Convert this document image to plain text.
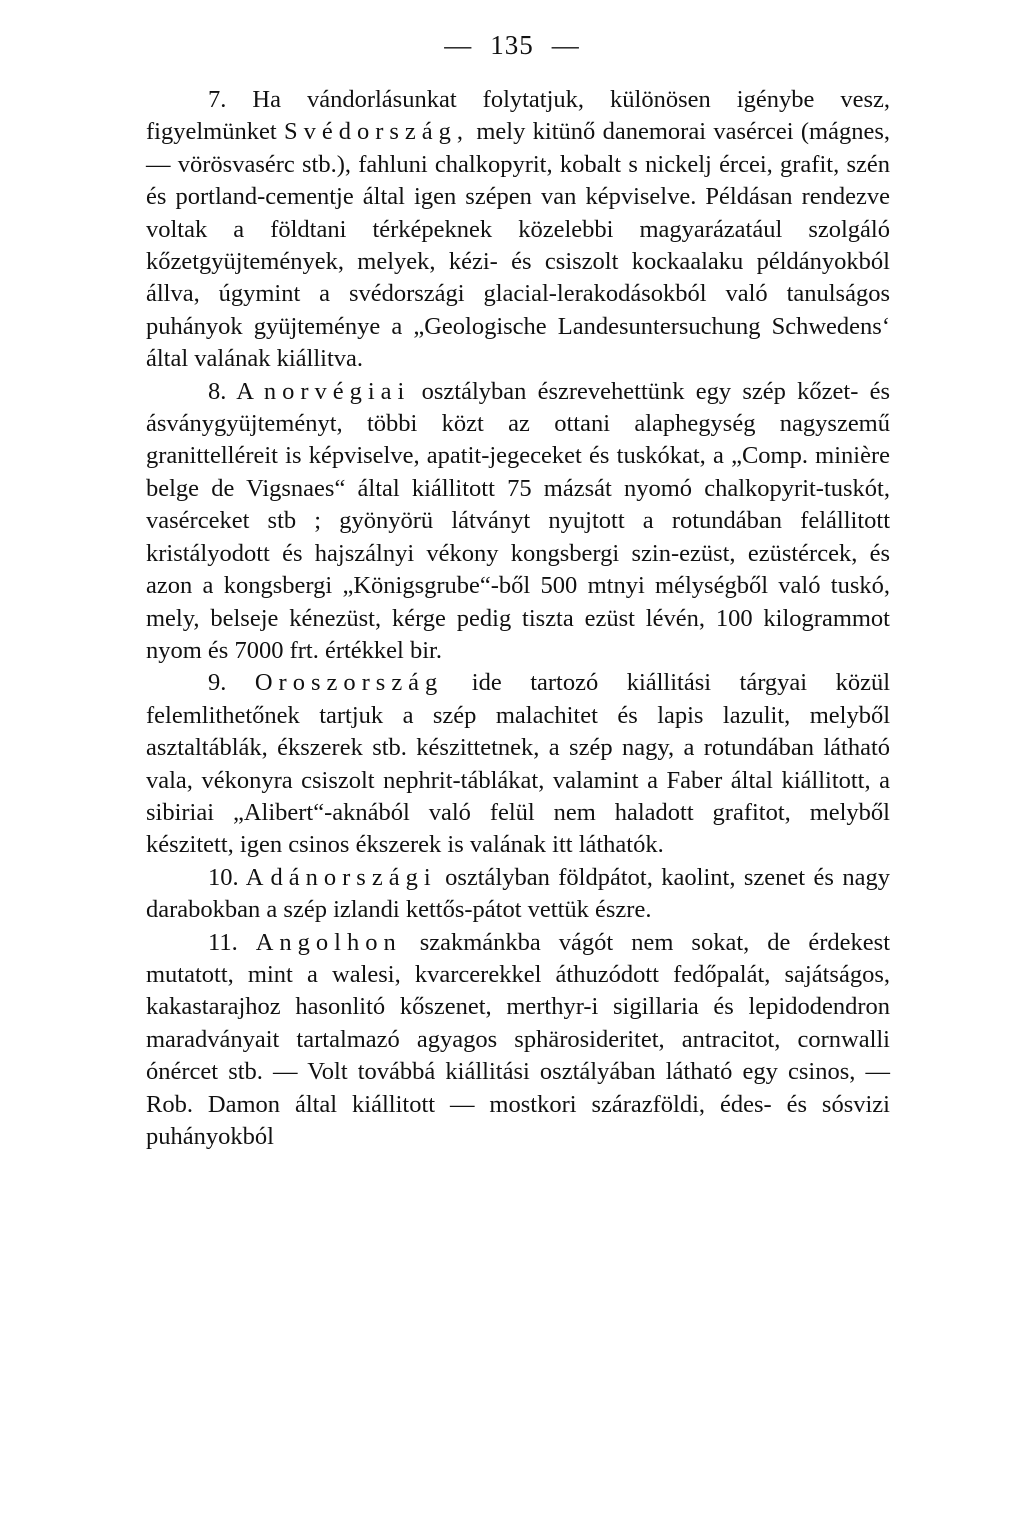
— 135 —

7. Ha vándorlásunkat folytatjuk, különösen igénybe vesz, figyelmünket Svédország, mely kitünő danemorai vasércei (mágnes, — vörösvasérc stb.), fahluni chalkopyrit, kobalt s nickelj ércei, grafit, szén és portland-cementje által igen szépen van képviselve. Példásan rendezve voltak a földtani térképeknek közelebbi magyarázatául szolgáló kőzetgyüjtemények, melyek, kézi- és csiszolt kockaalaku példányokból állva, úgymint a svédországi glacial-lerakodásokból való tanulságos puhányok gyüjteménye a „Geologische Landesuntersuchung Schwedens‘ által valának kiállitva.

8. A norvégiai osztályban észrevehettünk egy szép kőzet- és ásványgyüjteményt, többi közt az ottani alaphegység nagyszemű granittelléreit is képviselve, apatit-jegeceket és tuskókat, a „Comp. minière belge de Vigsnaes“ által kiállitott 75 mázsát nyomó chalkopyrit-tuskót, vasérceket stb ; gyönyörü látványt nyujtott a rotundában felállitott kristályodott és hajszálnyi vékony kongsbergi szin-ezüst, ezüstércek, és azon a kongsbergi „Königsgrube“-ből 500 mtnyi mélységből való tuskó, mely, belseje kénezüst, kérge pedig tiszta ezüst lévén, 100 kilogrammot nyom és 7000 frt. értékkel bir.

9. Oroszország ide tartozó kiállitási tárgyai közül felemlithetőnek tartjuk a szép malachitet és lapis lazulit, melyből asztaltáblák, ékszerek stb. készittetnek, a szép nagy, a rotundában látható vala, vékonyra csiszolt nephrit-táblákat, valamint a Faber által kiállitott, a sibiriai „Alibert“-aknából való felül nem haladott grafitot, melyből készitett, igen csinos ékszerek is valának itt láthatók.

10. A dánországi osztályban földpátot, kaolint, szenet és nagy darabokban a szép izlandi kettős-pátot vettük észre.

11. Angolhon szakmánkba vágót nem sokat, de érdekest mutatott, mint a walesi, kvarcerekkel áthuzódott fedőpalát, sajátságos, kakastarajhoz hasonlitó kőszenet, merthyr-i sigillaria és lepidodendron maradványait tartalmazó agyagos sphärosideritet, antracitot, cornwalli ónércet stb. — Volt továbbá kiállitási osztályában látható egy csinos, — Rob. Damon által kiállitott — mostkori szárazföldi, édes- és sósvizi puhányokból
